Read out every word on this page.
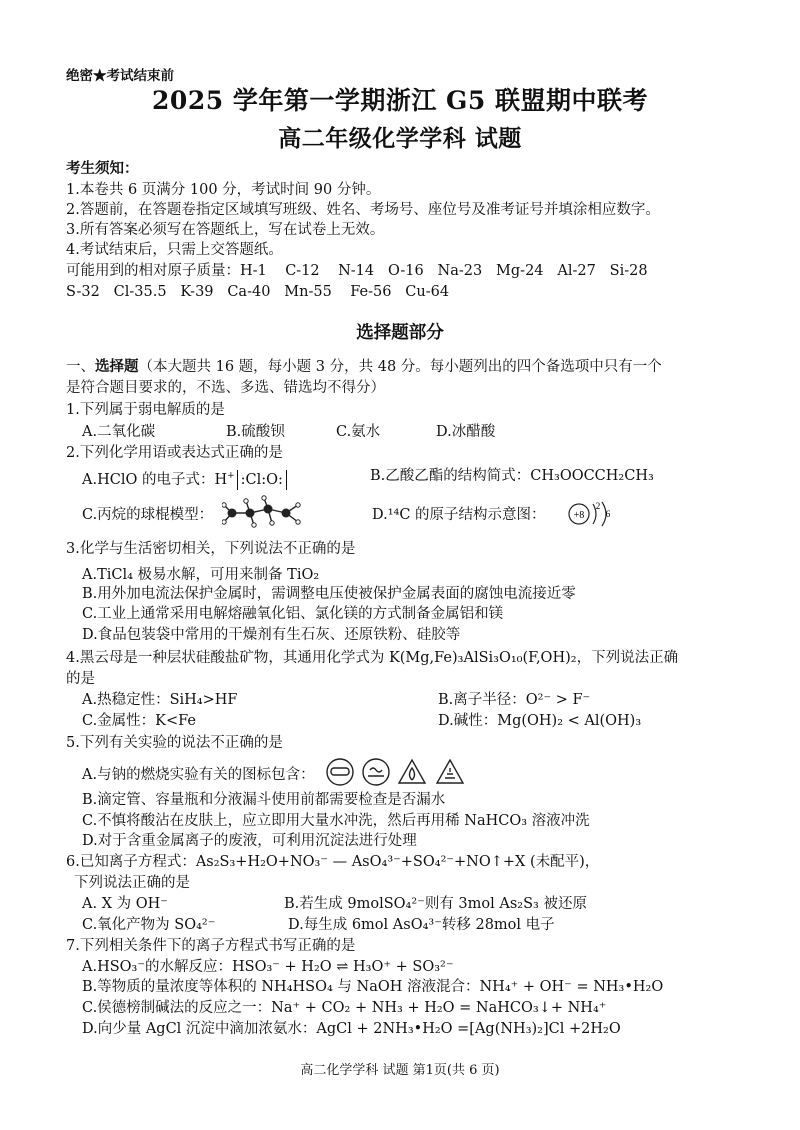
绝密★考试结束前
2025 学年第一学期浙江 G5 联盟期中联考
高二年级化学学科 试题
考生须知：
1.本卷共 6 页满分 100 分，考试时间 90 分钟。
2.答题前，在答题卷指定区域填写班级、姓名、考场号、座位号及准考证号并填涂相应数字。
3.所有答案必须写在答题纸上，写在试卷上无效。
4.考试结束后，只需上交答题纸。
可能用到的相对原子质量：H-1    C-12    N-14   O-16   Na-23   Mg-24   Al-27   Si-28
S-32   Cl-35.5   K-39   Ca-40   Mn-55    Fe-56   Cu-64
选择题部分
一、选择题（本大题共 16 题，每小题 3 分，共 48 分。每小题列出的四个备选项中只有一个
是符合题目要求的，不选、多选、错选均不得分）
1.下列属于弱电解质的是
A.二氧化碳	B.硫酸钡	C.氨水	D.冰醋酸
2.下列化学用语或表达式正确的是
A.HClO 的电子式：H+ :Cl:O:	B.乙酸乙酯的结构简式：CH₃OOCCH₂CH₃
C.丙烷的球棍模型：	D.¹⁴C 的原子结构示意图：	+8
2
6
3.化学与生活密切相关，下列说法不正确的是
A.TiCl₄ 极易水解，可用来制备 TiO₂
B.用外加电流法保护金属时，需调整电压使被保护金属表面的腐蚀电流接近零
C.工业上通常采用电解熔融氧化铝、氯化镁的方式制备金属铝和镁
D.食品包装袋中常用的干燥剂有生石灰、还原铁粉、硅胶等
4.黑云母是一种层状硅酸盐矿物，其通用化学式为 K(Mg,Fe)₃AlSi₃O₁₀(F,OH)₂，下列说法正确
的是
A.热稳定性：SiH₄>HF	B.离子半径：O²⁻ > F⁻
C.金属性：K<Fe	D.碱性：Mg(OH)₂ < Al(OH)₃
5.下列有关实验的说法不正确的是
A.与钠的燃烧实验有关的图标包含：
B.滴定管、容量瓶和分液漏斗使用前都需要检查是否漏水
C.不慎将酸沾在皮肤上，应立即用大量水冲洗，然后再用稀 NaHCO₃ 溶液冲洗
D.对于含重金属离子的废液，可利用沉淀法进行处理
6.已知离子方程式：As₂S₃+H₂O+NO₃⁻ — AsO₄³⁻+SO₄²⁻+NO↑+X (未配平)，
下列说法正确的是
A. X 为 OH⁻	B.若生成 9molSO₄²⁻则有 3mol As₂S₃ 被还原
C.氧化产物为 SO₄²⁻	D.每生成 6mol AsO₄³⁻转移 28mol 电子
7.下列相关条件下的离子方程式书写正确的是
A.HSO₃⁻的水解反应：HSO₃⁻ + H₂O ⇌ H₃O⁺ + SO₃²⁻
B.等物质的量浓度等体积的 NH₄HSO₄ 与 NaOH 溶液混合：NH₄⁺ + OH⁻ = NH₃•H₂O
C.侯德榜制碱法的反应之一：Na⁺ + CO₂ + NH₃ + H₂O = NaHCO₃↓+ NH₄⁺
D.向少量 AgCl 沉淀中滴加浓氨水：AgCl + 2NH₃•H₂O =[Ag(NH₃)₂]Cl +2H₂O
高二化学学科 试题 第1页(共 6 页)
